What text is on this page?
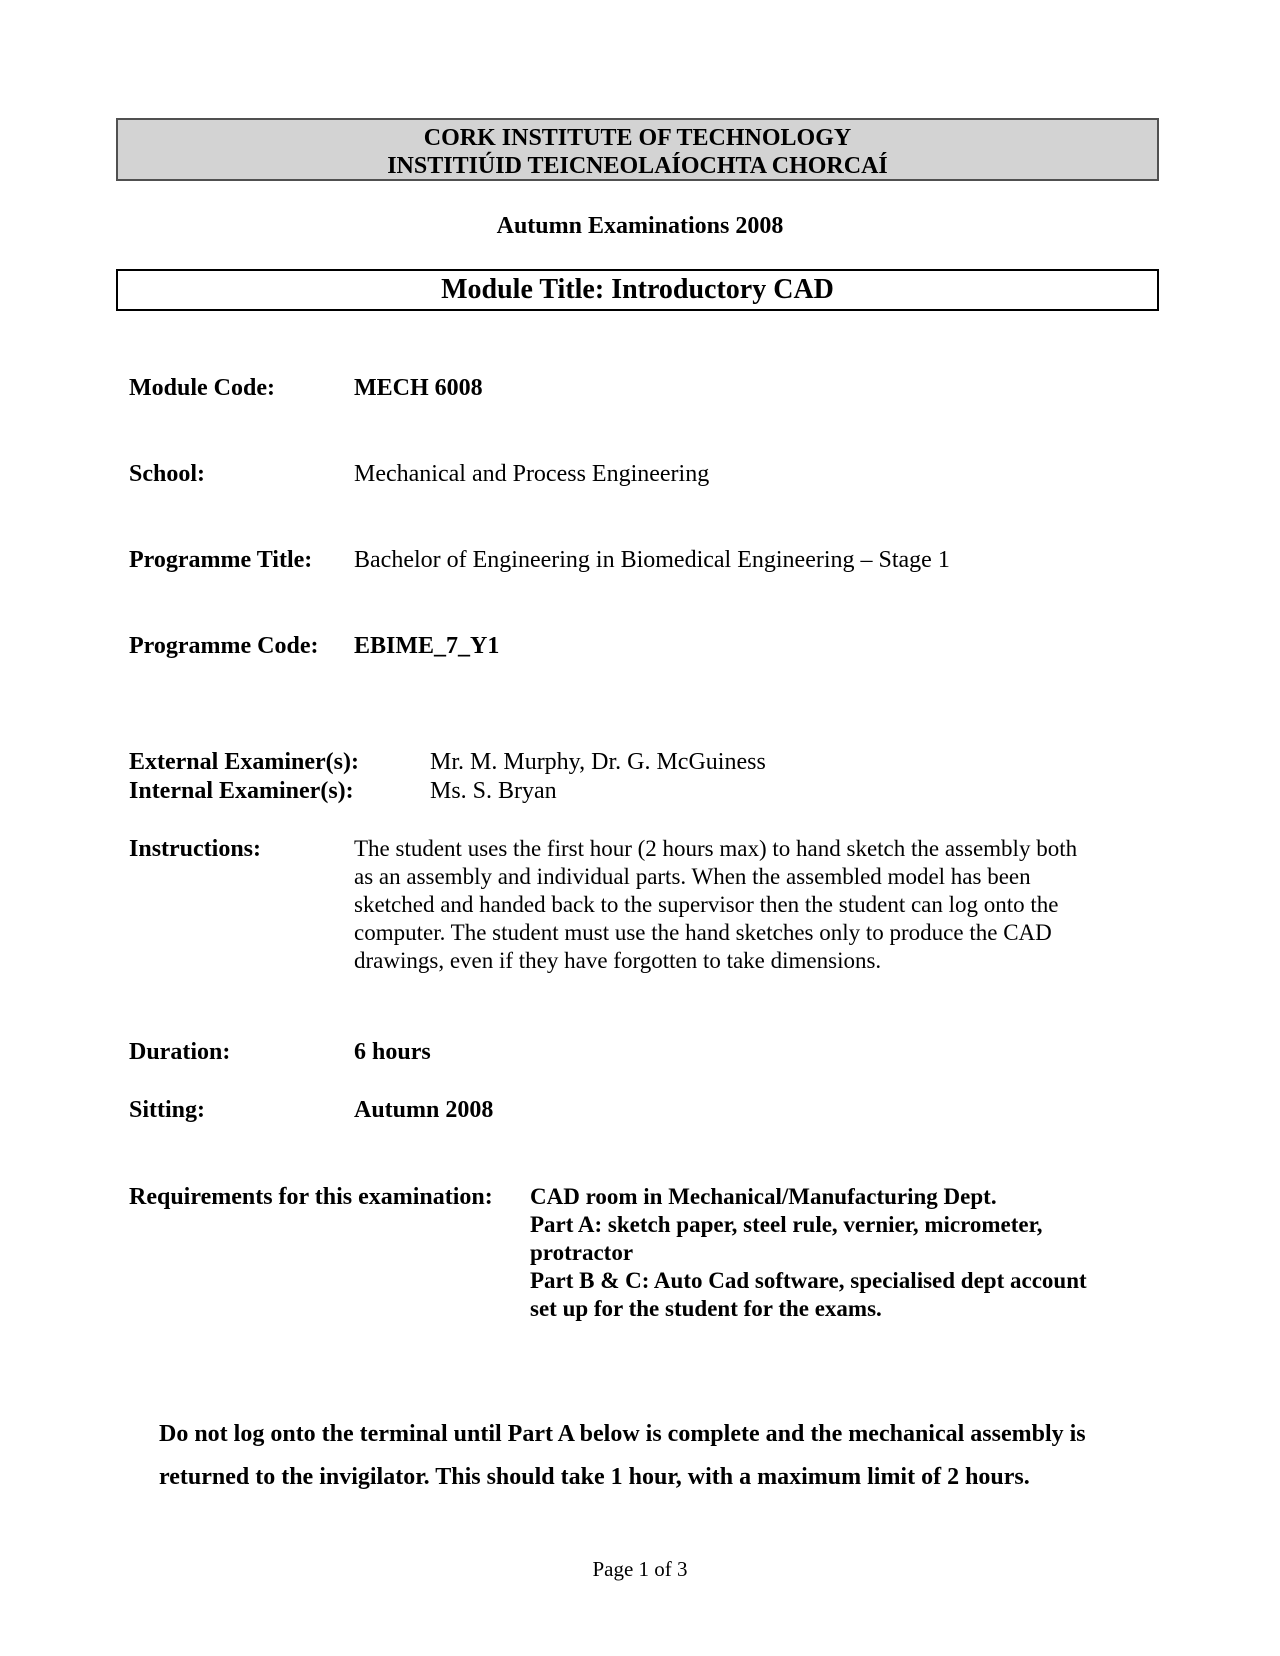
CORK INSTITUTE OF TECHNOLOGY
INSTITIÚID TEICNEOLAÍOCHTA CHORCAÍ
Autumn Examinations 2008
Module Title: Introductory CAD
Module Code:	MECH 6008
School:	Mechanical and Process Engineering
Programme Title: Bachelor of Engineering in Biomedical Engineering – Stage 1
Programme Code: EBIME_7_Y1
External Examiner(s):	Mr. M. Murphy, Dr. G. McGuiness
Internal Examiner(s):	Ms. S. Bryan
Instructions:	The student uses the first hour (2 hours max) to hand sketch the assembly both
as an assembly and individual parts. When the assembled model has been
sketched and handed back to the supervisor then the student can log onto the
computer. The student must use the hand sketches only to produce the CAD
drawings, even if they have forgotten to take dimensions.
Duration:	6 hours
Sitting:	Autumn 2008
Requirements for this examination: CAD room in Mechanical/Manufacturing Dept.
Part A: sketch paper, steel rule, vernier, micrometer,
protractor
Part B & C: Auto Cad software, specialised dept account
set up for the student for the exams.
Do not log onto the terminal until Part A below is complete and the mechanical assembly is
returned to the invigilator. This should take 1 hour, with a maximum limit of 2 hours.
Page 1 of 3
